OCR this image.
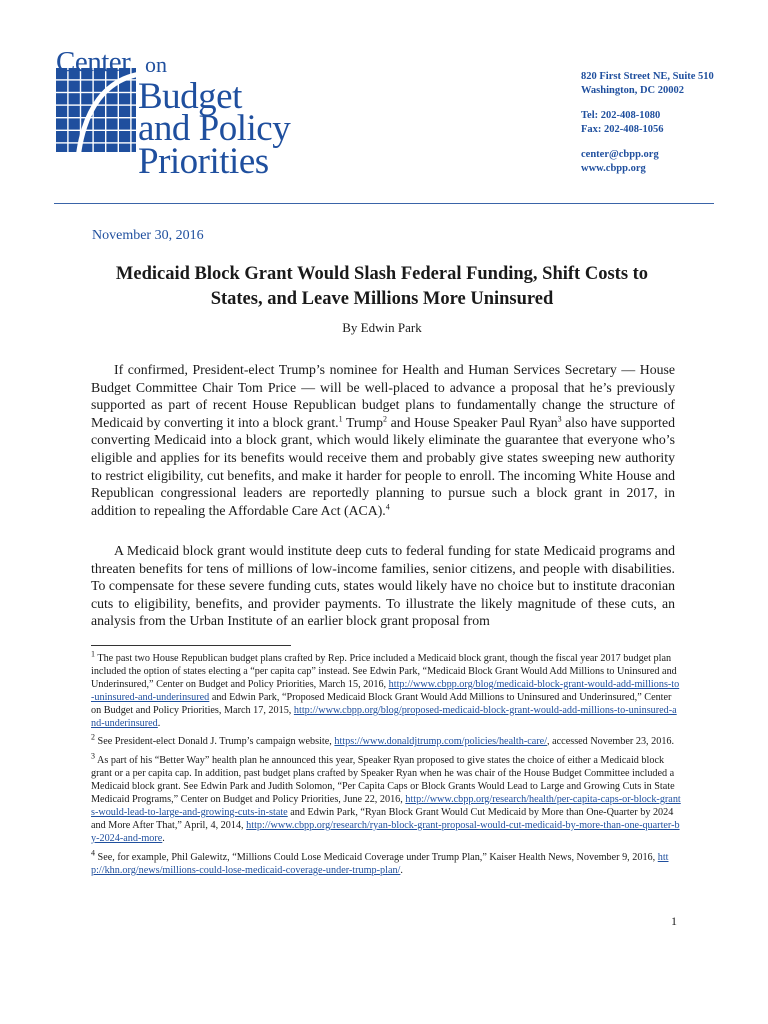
Center on
Budget
and Policy
Priorities
820 First Street NE, Suite 510
Washington, DC 20002
Tel: 202-408-1080
Fax: 202-408-1056
center@cbpp.org
www.cbpp.org
November 30, 2016
Medicaid Block Grant Would Slash Federal Funding, Shift Costs to States, and Leave Millions More Uninsured
By Edwin Park

If confirmed, President-elect Trump’s nominee for Health and Human Services Secretary — House Budget Committee Chair Tom Price — will be well-placed to advance a proposal that he’s previously supported as part of recent House Republican budget plans to fundamentally change the structure of Medicaid by converting it into a block grant.$^1$ Trump$^2$ and House Speaker Paul Ryan$^3$ also have supported converting Medicaid into a block grant, which would likely eliminate the guarantee that everyone who’s eligible and applies for its benefits would receive them and probably give states sweeping new authority to restrict eligibility, cut benefits, and make it harder for people to enroll. The incoming White House and Republican congressional leaders are reportedly planning to pursue such a block grant in 2017, in addition to repealing the Affordable Care Act (ACA).$^4$

A Medicaid block grant would institute deep cuts to federal funding for state Medicaid programs and threaten benefits for tens of millions of low-income families, senior citizens, and people with disabilities. To compensate for these severe funding cuts, states would likely have no choice but to institute draconian cuts to eligibility, benefits, and provider payments. To illustrate the likely magnitude of these cuts, an analysis from the Urban Institute of an earlier block grant proposal from

$^1$ The past two House Republican budget plans crafted by Rep. Price included a Medicaid block grant, though the fiscal year 2017 budget plan included the option of states electing a “per capita cap” instead. See Edwin Park, “Medicaid Block Grant Would Add Millions to Uninsured and Underinsured,” Center on Budget and Policy Priorities, March 15, 2016, http://www.cbpp.org/blog/medicaid-block-grant-would-add-millions-to-uninsured-and-underinsured and Edwin Park, “Proposed Medicaid Block Grant Would Add Millions to Uninsured and Underinsured,” Center on Budget and Policy Priorities, March 17, 2015, http://www.cbpp.org/blog/proposed-medicaid-block-grant-would-add-millions-to-uninsured-and-underinsured.

$^2$ See President-elect Donald J. Trump’s campaign website, https://www.donaldjtrump.com/policies/health-care/, accessed November 23, 2016.

$^3$ As part of his “Better Way” health plan he announced this year, Speaker Ryan proposed to give states the choice of either a Medicaid block grant or a per capita cap. In addition, past budget plans crafted by Speaker Ryan when he was chair of the House Budget Committee included a Medicaid block grant. See Edwin Park and Judith Solomon, “Per Capita Caps or Block Grants Would Lead to Large and Growing Cuts in State Medicaid Programs,” Center on Budget and Policy Priorities, June 22, 2016, http://www.cbpp.org/research/health/per-capita-caps-or-block-grants-would-lead-to-large-and-growing-cuts-in-state and Edwin Park, “Ryan Block Grant Would Cut Medicaid by More than One-Quarter by 2024 and More After That,” April, 4, 2014, http://www.cbpp.org/research/ryan-block-grant-proposal-would-cut-medicaid-by-more-than-one-quarter-by-2024-and-more.

$^4$ See, for example, Phil Galewitz, “Millions Could Lose Medicaid Coverage under Trump Plan,” Kaiser Health News, November 9, 2016, http://khn.org/news/millions-could-lose-medicaid-coverage-under-trump-plan/.

1
